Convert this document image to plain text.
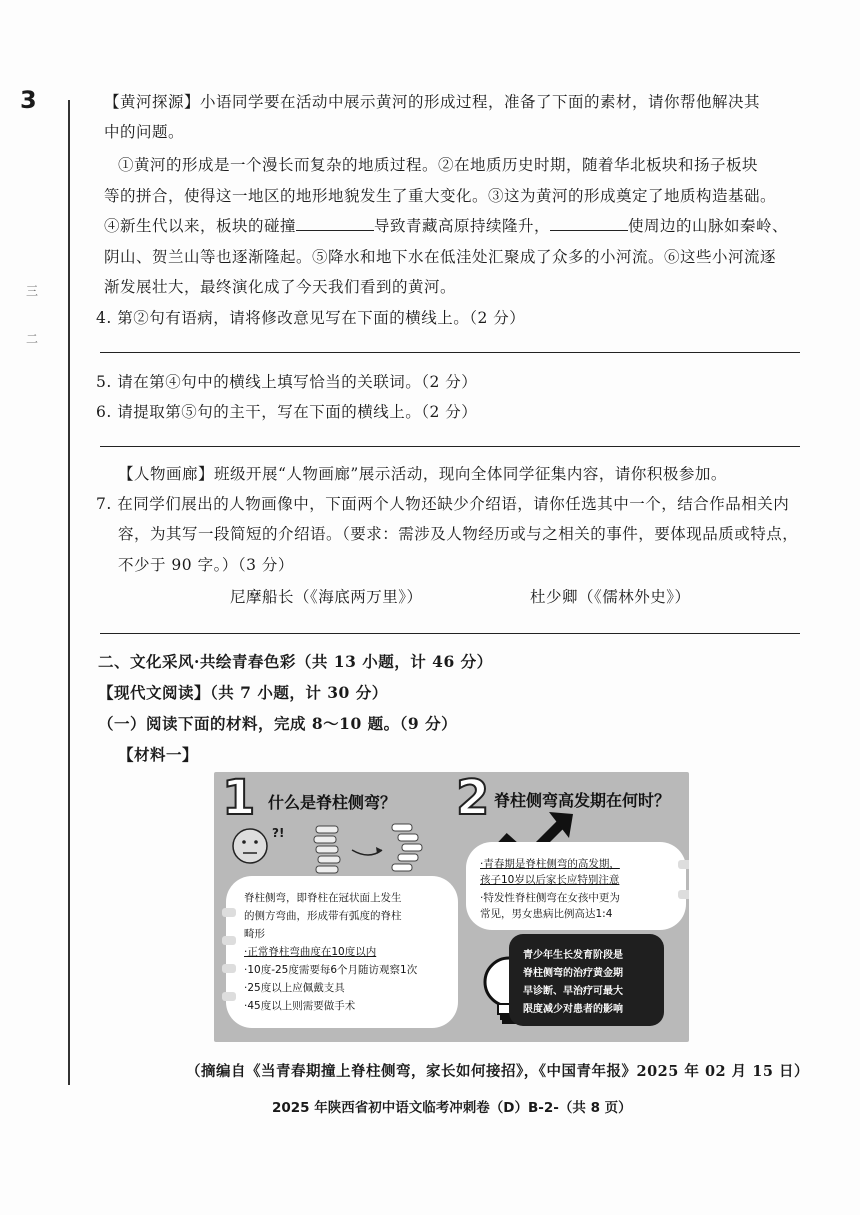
3
三
二
【黄河探源】小语同学要在活动中展示黄河的形成过程，准备了下面的素材，请你帮他解决其
中的问题。
①黄河的形成是一个漫长而复杂的地质过程。②在地质历史时期，随着华北板块和扬子板块
等的拼合，使得这一地区的地形地貌发生了重大变化。③这为黄河的形成奠定了地质构造基础。
④新生代以来，板块的碰撞	导致青藏高原持续隆升，	使周边的山脉如秦岭、
阴山、贺兰山等也逐渐隆起。⑤降水和地下水在低洼处汇聚成了众多的小河流。⑥这些小河流逐
渐发展壮大，最终演化成了今天我们看到的黄河。
4. 第②句有语病，请将修改意见写在下面的横线上。（2 分）
5. 请在第④句中的横线上填写恰当的关联词。（2 分）
6. 请提取第⑤句的主干，写在下面的横线上。（2 分）
【人物画廊】班级开展“人物画廊”展示活动，现向全体同学征集内容，请你积极参加。
7. 在同学们展出的人物画像中，下面两个人物还缺少介绍语，请你任选其中一个，结合作品相关内
容，为其写一段简短的介绍语。（要求：需涉及人物经历或与之相关的事件，要体现品质或特点，
不少于 90 字。）（3 分）
尼摩船长（《海底两万里》）	杜少卿（《儒林外史》）
二、文化采风·共绘青春色彩（共 13 小题，计 46 分）
【现代文阅读】（共 7 小题，计 30 分）
（一）阅读下面的材料，完成 8～10 题。（9 分）
【材料一】
1 什么是脊柱侧弯？ 2 脊柱侧弯高发期在何时？
?!
脊柱侧弯，即脊柱在冠状面上发生
的侧方弯曲，形成带有弧度的脊柱
畸形
·正常脊柱弯曲度在10度以内
·10度-25度需要每6个月随访观察1次
·25度以上应佩戴支具
·45度以上则需要做手术
·青春期是脊柱侧弯的高发期，
孩子10岁以后家长应特别注意
·特发性脊柱侧弯在女孩中更为
常见，男女患病比例高达1:4
青少年生长发育阶段是
脊柱侧弯的治疗黄金期
早诊断、早治疗可最大
限度减少对患者的影响
（摘编自《当青春期撞上脊柱侧弯，家长如何接招》，《中国青年报》2025 年 02 月 15 日）
2025 年陕西省初中语文临考冲刺卷（D）B-2-（共 8 页）
